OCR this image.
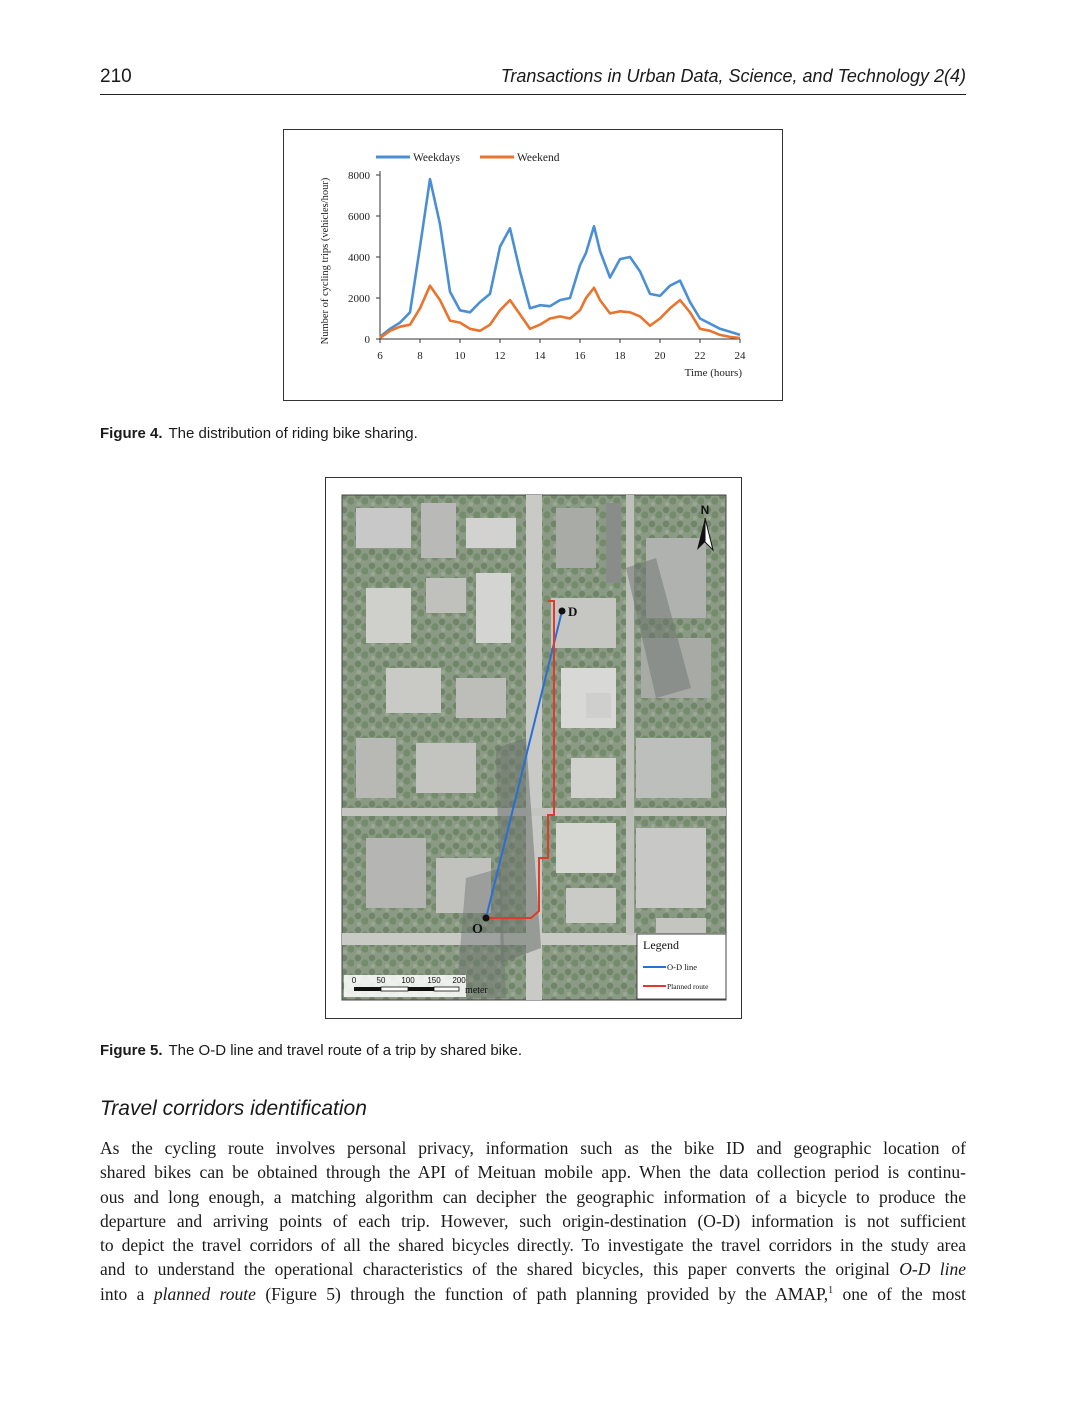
210	Transactions in Urban Data, Science, and Technology 2(4)
0
2000
4000
6000
8000
6	8	10	12	14	16	18	20	22	24
Time (hours)
Number of cycling trips (vehicles/hour)
Weekdays	Weekend
Figure 4. The distribution of riding bike sharing.
N
O
D
0	50 100 150 200
meter
Legend
O-D line
Planned route
Figure 5. The O-D line and travel route of a trip by shared bike.
Travel corridors identification
As the cycling route involves personal privacy, information such as the bike ID and geographic location of
shared bikes can be obtained through the API of Meituan mobile app. When the data collection period is continu-
ous and long enough, a matching algorithm can decipher the geographic information of a bicycle to produce the
departure and arriving points of each trip. However, such origin-destination (O-D) information is not sufficient
to depict the travel corridors of all the shared bicycles directly. To investigate the travel corridors in the study area
and to understand the operational characteristics of the shared bicycles, this paper converts the original O-D line
into a planned route (Figure 5) through the function of path planning provided by the AMAP,$^1$ one of the most
